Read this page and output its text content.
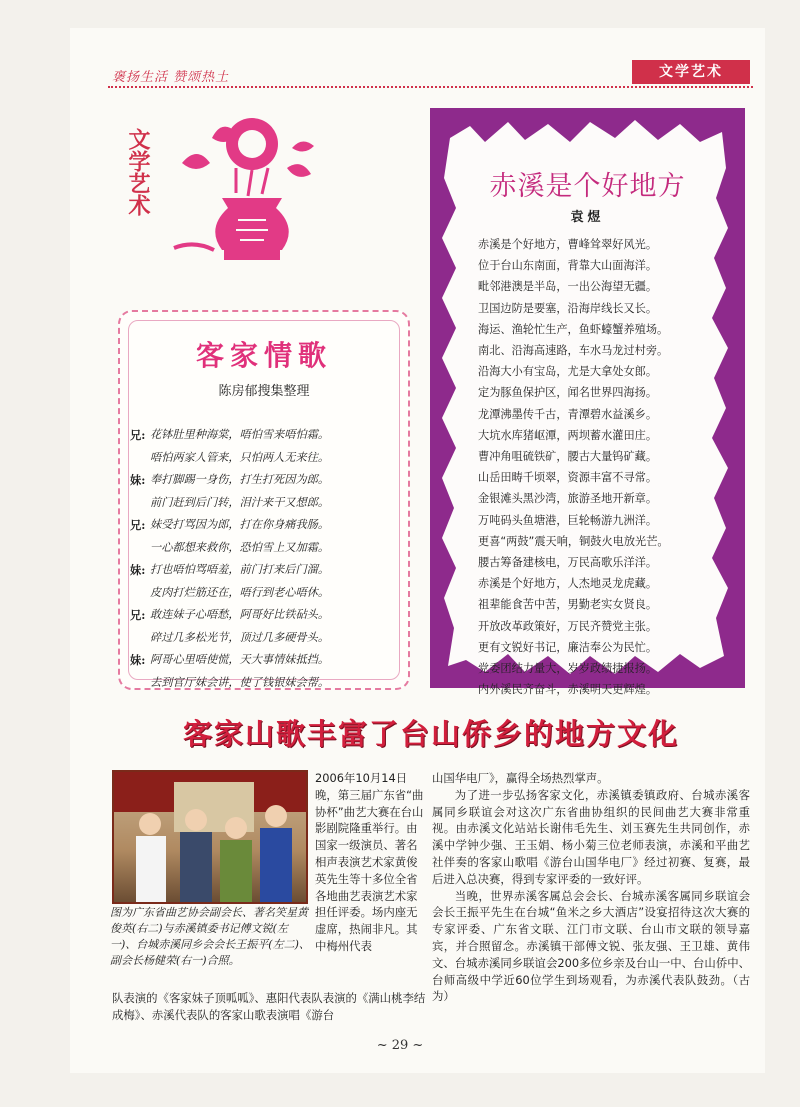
褒扬生活 赞颂热土	文学艺术
文学艺术
客家情歌
陈房郁搜集整理
兄: 花钵肚里种海棠，唔怕雪来唔怕霜。
唔怕两家人管来，只怕两人无来往。
妹: 奉打脚踢一身伤，打生打死因为郎。
前门赶到后门转，泪汁来干又想郎。
兄: 妹受打骂因为郎，打在你身痛我肠。
一心都想来救你，恐怕雪上又加霜。
妹: 打也唔怕骂唔羞，前门打来后门溜。
皮肉打烂筋还在，唔行到老心唔休。
兄: 敢连妹子心唔愁，阿哥好比铁砧头。
碎过几多松光节，顶过几多硬骨头。
妹: 阿哥心里唔使慌，天大事情妹抵挡。
去到官厅妹会讲，使了钱银妹会帮。
赤溪是个好地方
袁煜
赤溪是个好地方，曹峰耸翠好风光。
位于台山东南面，背靠大山面海洋。
毗邻港澳是半岛，一出公海望无疆。
卫国边防是要塞，沿海岸线长又长。
海运、渔轮忙生产，鱼虾蠔蟹养殖场。
南北、沿海高速路，车水马龙过村旁。
沿海大小有宝岛，尤是大拿处女郎。
定为豚鱼保护区，闻名世界四海扬。
龙潭沸墨传千古，青潭碧水益溪乡。
大坑水库猪岖潭，两坝蓄水灌田庄。
曹冲角咀硫铁矿，腰古大量钨矿藏。
山岳田畴千顷翠，资源丰富不寻常。
金银滩头黑沙湾，旅游圣地开新章。
万吨码头鱼塘港，巨轮畅游九洲洋。
更喜“两鼓”震天响，铜鼓火电放光芒。
腰古筹备建核电，万民高歌乐洋洋。
赤溪是个好地方，人杰地灵龙虎藏。
祖辈能食苦中苦，男勤老实女贤良。
开放改革政策好，万民齐赞党主张。
更有文锐好书记，廉洁奉公为民忙。
党委团结力量大，岁岁政绩捷报扬。
内外溪民齐奋斗，赤溪明天更辉煌。
客家山歌丰富了台山侨乡的地方文化
图为广东省曲艺协会副会长、著名笑星黄俊英(右二)与赤溪镇委书记傅文锐(左一)、台城赤溪同乡会会长王振平(左二)、副会长杨健荣(右一)合照。
2006年10月14日晚，第三届广东省“曲协杯”曲艺大赛在台山影剧院隆重举行。由国家一级演员、著名相声表演艺术家黄俊英先生等十多位全省各地曲艺表演艺术家担任评委。场内座无虚席，热闹非凡。其中梅州代表
队表演的《客家妹子顶呱呱》、惠阳代表队表演的《满山桃李结成梅》、赤溪代表队的客家山歌表演唱《游台

山国华电厂》，赢得全场热烈掌声。

为了进一步弘扬客家文化，赤溪镇委镇政府、台城赤溪客属同乡联谊会对这次广东省曲协组织的民间曲艺大赛非常重视。由赤溪文化站站长谢伟毛先生、刘玉赛先生共同创作，赤溪中学钟少强、王玉娟、杨小菊三位老师表演，赤溪和平曲艺社伴奏的客家山歌唱《游台山国华电厂》经过初赛、复赛，最后进入总决赛，得到专家评委的一致好评。

当晚，世界赤溪客属总会会长、台城赤溪客属同乡联谊会会长王振平先生在台城“鱼米之乡大酒店”设宴招待这次大赛的专家评委、广东省文联、江门市文联、台山市文联的领导嘉宾，并合照留念。赤溪镇干部傅文锐、张友强、王卫雄、黄伟文、台城赤溪同乡联谊会200多位乡亲及台山一中、台山侨中、台师高级中学近60位学生到场观看，为赤溪代表队鼓劲。（古为）

~ 29 ~
